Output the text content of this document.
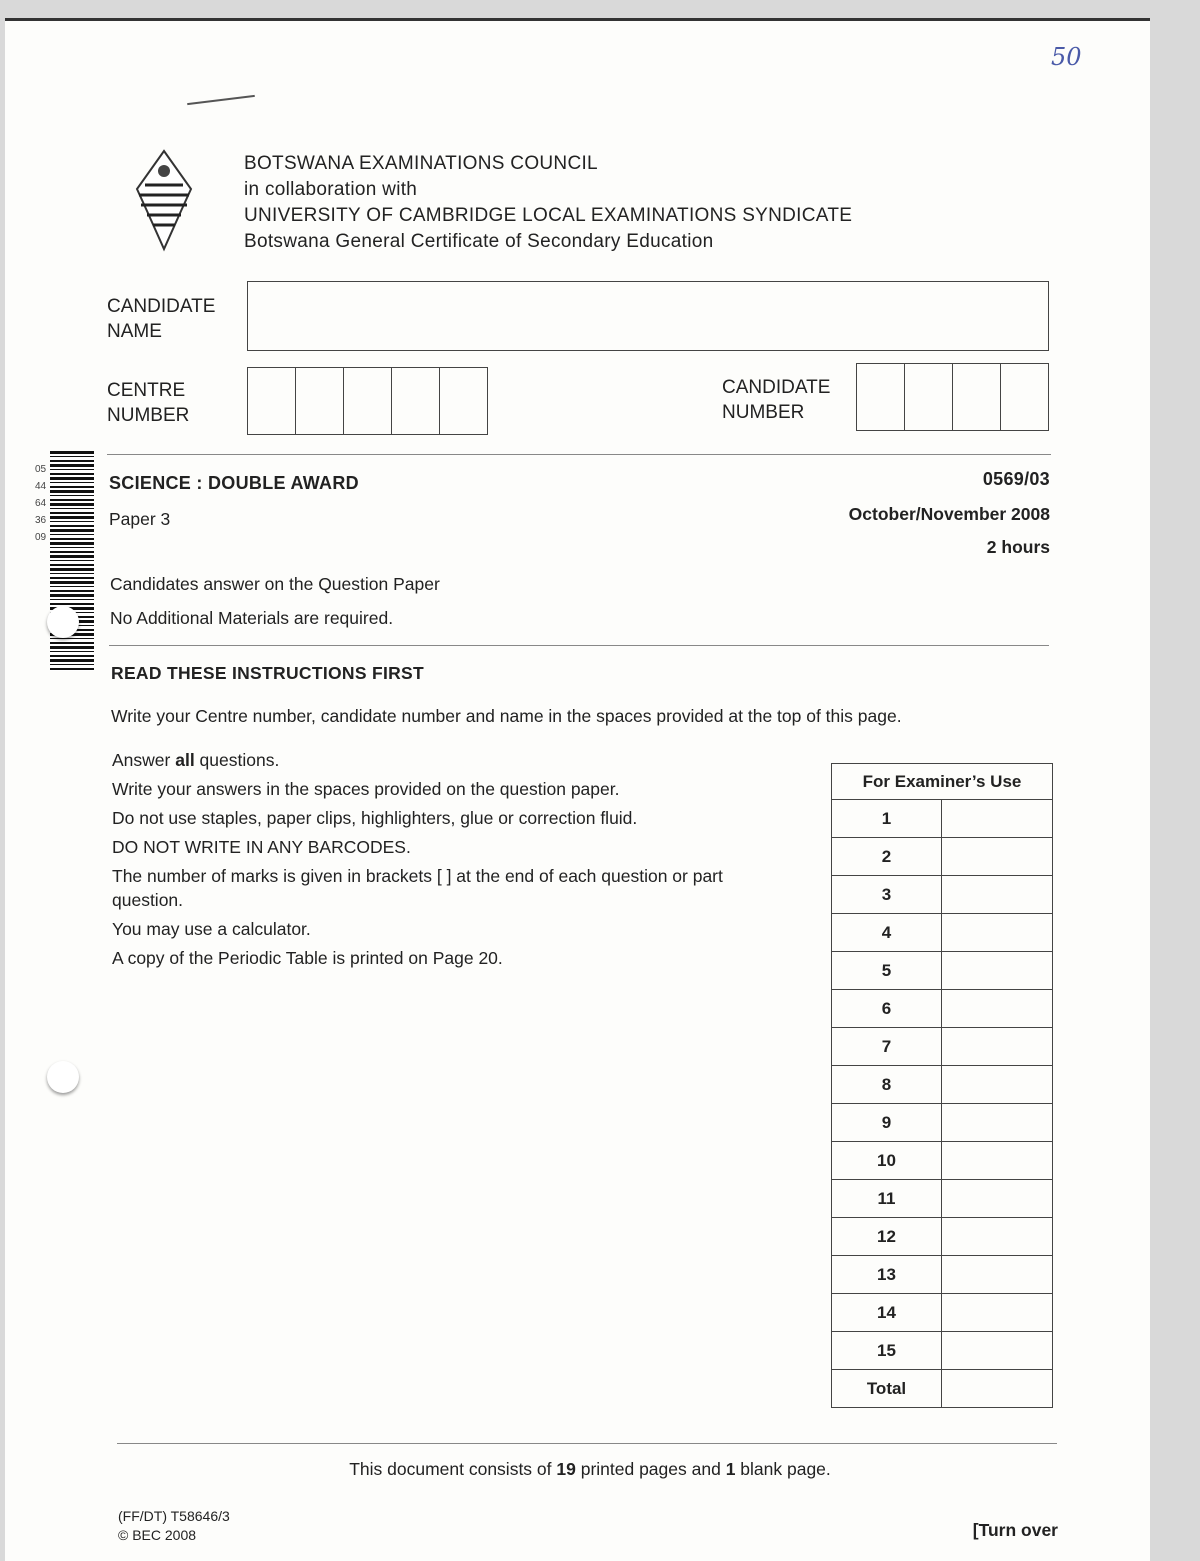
50
BOTSWANA EXAMINATIONS COUNCIL
in collaboration with
UNIVERSITY OF CAMBRIDGE LOCAL EXAMINATIONS SYNDICATE
Botswana General Certificate of Secondary Education
CANDIDATE
NAME
CENTRE
NUMBER
CANDIDATE
NUMBER
0544643609
SCIENCE : DOUBLE AWARD	0569/03
Paper 3	October/November 2008
2 hours
Candidates answer on the Question Paper
No Additional Materials are required.
READ THESE INSTRUCTIONS FIRST
Write your Centre number, candidate number and name in the spaces provided at the top of this page.
Answer all questions.
Write your answers in the spaces provided on the question paper.
Do not use staples, paper clips, highlighters, glue or correction fluid.
DO NOT WRITE IN ANY BARCODES.
The number of marks is given in brackets [ ] at the end of each question or part question.
You may use a calculator.
A copy of the Periodic Table is printed on Page 20.
For Examiner’s Use	
1	
2	
3	
4	
5	
6	
7	
8	
9	
10	
11	
12	
13	
14	
15	
Total	
This document consists of 19 printed pages and 1 blank page.
(FF/DT) T58646/3
© BEC 2008	[Turn over
